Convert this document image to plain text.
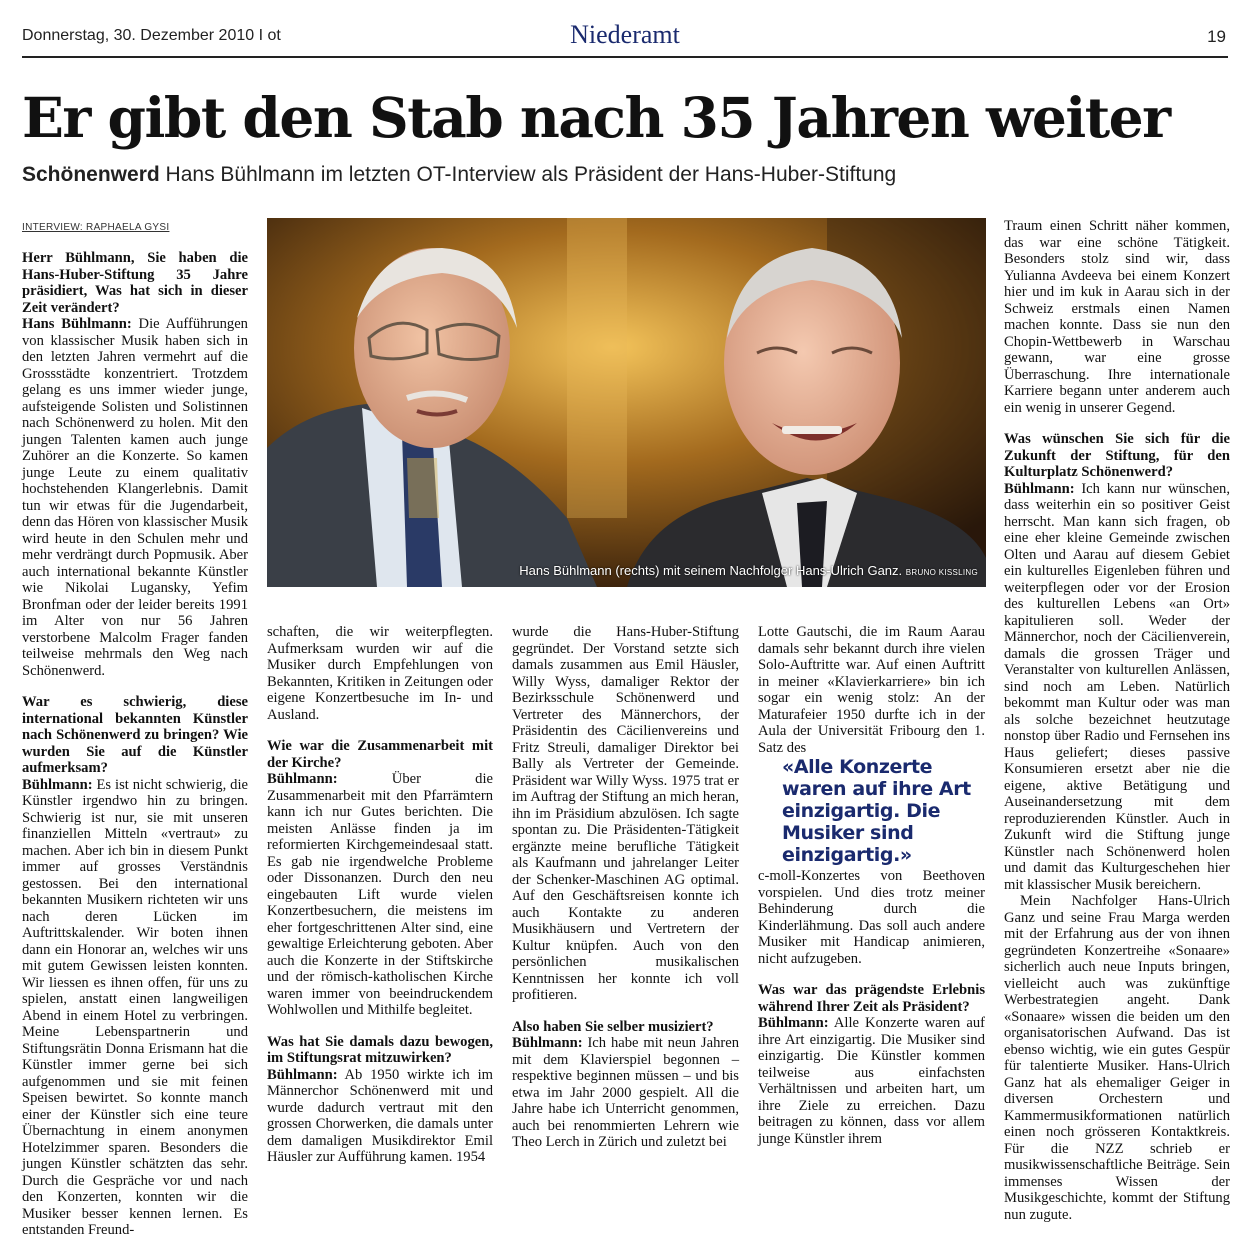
Donnerstag, 30. Dezember 2010 I ot	Niederamt	19
Er gibt den Stab nach 35 Jahren weiter
Schönenwerd Hans Bühlmann im letzten OT-Interview als Präsident der Hans-Huber-Stiftung
INTERVIEW: RAPHAELA GYSI

Herr Bühlmann, Sie haben die Hans-Huber-Stiftung 35 Jahre präsidiert, Was hat sich in dieser Zeit verändert?

Hans Bühlmann: Die Aufführungen von klassischer Musik haben sich in den letzten Jahren vermehrt auf die Grossstädte konzentriert. Trotzdem gelang es uns immer wieder junge, aufsteigende Solisten und Solistinnen nach Schönenwerd zu holen. Mit den jungen Talenten kamen auch junge Zuhörer an die Konzerte. So kamen junge Leute zu einem qualitativ hochstehenden Klangerlebnis. Damit tun wir etwas für die Jugendarbeit, denn das Hören von klassischer Musik wird heute in den Schulen mehr und mehr verdrängt durch Popmusik. Aber auch international bekannte Künstler wie Nikolai Lugansky, Yefim Bronfman oder der leider bereits 1991 im Alter von nur 56 Jahren verstorbene Malcolm Frager fanden teilweise mehrmals den Weg nach Schönenwerd.

War es schwierig, diese international bekannten Künstler nach Schönenwerd zu bringen? Wie wurden Sie auf die Künstler aufmerksam?

Bühlmann: Es ist nicht schwierig, die Künstler irgendwo hin zu bringen. Schwierig ist nur, sie mit unseren finanziellen Mitteln «vertraut» zu machen. Aber ich bin in diesem Punkt immer auf grosses Verständnis gestossen. Bei den international bekannten Musikern richteten wir uns nach deren Lücken im Auftrittskalender. Wir boten ihnen dann ein Honorar an, welches wir uns mit gutem Gewissen leisten konnten. Wir liessen es ihnen offen, für uns zu spielen, anstatt einen langweiligen Abend in einem Hotel zu verbringen. Meine Lebenspartnerin und Stiftungsrätin Donna Erismann hat die Künstler immer gerne bei sich aufgenommen und sie mit feinen Speisen bewirtet. So konnte manch einer der Künstler sich eine teure Übernachtung in einem anonymen Hotelzimmer sparen. Besonders die jungen Künstler schätzten das sehr. Durch die Gespräche vor und nach den Konzerten, konnten wir die Musiker besser kennen lernen. Es entstanden Freund-

Hans Bühlmann (rechts) mit seinem Nachfolger Hans-Ulrich Ganz. BRUNO KISSLING

schaften, die wir weiterpflegten. Aufmerksam wurden wir auf die Musiker durch Empfehlungen von Bekannten, Kritiken in Zeitungen oder eigene Konzertbesuche im In- und Ausland.

Wie war die Zusammenarbeit mit der Kirche?

Bühlmann: Über die Zusammenarbeit mit den Pfarrämtern kann ich nur Gutes berichten. Die meisten Anlässe finden ja im reformierten Kirchgemeindesaal statt. Es gab nie irgendwelche Probleme oder Dissonanzen. Durch den neu eingebauten Lift wurde vielen Konzertbesuchern, die meistens im eher fortgeschrittenen Alter sind, eine gewaltige Erleichterung geboten. Aber auch die Konzerte in der Stiftskirche und der römisch-katholischen Kirche waren immer von beeindruckendem Wohlwollen und Mithilfe begleitet.

Was hat Sie damals dazu bewogen, im Stiftungsrat mitzuwirken?

Bühlmann: Ab 1950 wirkte ich im Männerchor Schönenwerd mit und wurde dadurch vertraut mit den grossen Chorwerken, die damals unter dem damaligen Musikdirektor Emil Häusler zur Aufführung kamen. 1954

wurde die Hans-Huber-Stiftung gegründet. Der Vorstand setzte sich damals zusammen aus Emil Häusler, Willy Wyss, damaliger Rektor der Bezirksschule Schönenwerd und Vertreter des Männerchors, der Präsidentin des Cäcilienvereins und Fritz Streuli, damaliger Direktor bei Bally als Vertreter der Gemeinde. Präsident war Willy Wyss. 1975 trat er im Auftrag der Stiftung an mich heran, ihn im Präsidium abzulösen. Ich sagte spontan zu. Die Präsidenten-Tätigkeit ergänzte meine berufliche Tätigkeit als Kaufmann und jahrelanger Leiter der Schenker-Maschinen AG optimal. Auf den Geschäftsreisen konnte ich auch Kontakte zu anderen Musikhäusern und Vertretern der Kultur knüpfen. Auch von den persönlichen musikalischen Kenntnissen her konnte ich voll profitieren.

Also haben Sie selber musiziert?

Bühlmann: Ich habe mit neun Jahren mit dem Klavierspiel begonnen – respektive beginnen müssen – und bis etwa im Jahr 2000 gespielt. All die Jahre habe ich Unterricht genommen, auch bei renommierten Lehrern wie Theo Lerch in Zürich und zuletzt bei

Lotte Gautschi, die im Raum Aarau damals sehr bekannt durch ihre vielen Solo-Auftritte war. Auf einen Auftritt in meiner «Klavierkarriere» bin ich sogar ein wenig stolz: An der Maturafeier 1950 durfte ich in der Aula der Universität Fribourg den 1. Satz des

«Alle Konzerte waren auf ihre Art einzigartig. Die Musiker sind einzigartig.»

c-moll-Konzertes von Beethoven vorspielen. Und dies trotz meiner Behinderung durch die Kinderlähmung. Das soll auch andere Musiker mit Handicap animieren, nicht aufzugeben.

Was war das prägendste Erlebnis während Ihrer Zeit als Präsident?

Bühlmann: Alle Konzerte waren auf ihre Art einzigartig. Die Musiker sind einzigartig. Die Künstler kommen teilweise aus einfachsten Verhältnissen und arbeiten hart, um ihre Ziele zu erreichen. Dazu beitragen zu können, dass vor allem junge Künstler ihrem

Traum einen Schritt näher kommen, das war eine schöne Tätigkeit. Besonders stolz sind wir, dass Yulianna Avdeeva bei einem Konzert hier und im kuk in Aarau sich in der Schweiz erstmals einen Namen machen konnte. Dass sie nun den Chopin-Wettbewerb in Warschau gewann, war eine grosse Überraschung. Ihre internationale Karriere begann unter anderem auch ein wenig in unserer Gegend.

Was wünschen Sie sich für die Zukunft der Stiftung, für den Kulturplatz Schönenwerd?

Bühlmann: Ich kann nur wünschen, dass weiterhin ein so positiver Geist herrscht. Man kann sich fragen, ob eine eher kleine Gemeinde zwischen Olten und Aarau auf diesem Gebiet ein kulturelles Eigenleben führen und weiterpflegen oder vor der Erosion des kulturellen Lebens «an Ort» kapitulieren soll. Weder der Männerchor, noch der Cäcilienverein, damals die grossen Träger und Veranstalter von kulturellen Anlässen, sind noch am Leben. Natürlich bekommt man Kultur oder was man als solche bezeichnet heutzutage nonstop über Radio und Fernsehen ins Haus geliefert; dieses passive Konsumieren ersetzt aber nie die eigene, aktive Betätigung und Auseinandersetzung mit dem reproduzierenden Künstler. Auch in Zukunft wird die Stiftung junge Künstler nach Schönenwerd holen und damit das Kulturgeschehen hier mit klassischer Musik bereichern.

Mein Nachfolger Hans-Ulrich Ganz und seine Frau Marga werden mit der Erfahrung aus der von ihnen gegründeten Konzertreihe «Sonaare» sicherlich auch neue Inputs bringen, vielleicht auch was zukünftige Werbestrategien angeht. Dank «Sonaare» wissen die beiden um den organisatorischen Aufwand. Das ist ebenso wichtig, wie ein gutes Gespür für talentierte Musiker. Hans-Ulrich Ganz hat als ehemaliger Geiger in diversen Orchestern und Kammermusikformationen natürlich einen noch grösseren Kontaktkreis. Für die NZZ schrieb er musikwissenschaftliche Beiträge. Sein immenses Wissen der Musikgeschichte, kommt der Stiftung nun zugute.
